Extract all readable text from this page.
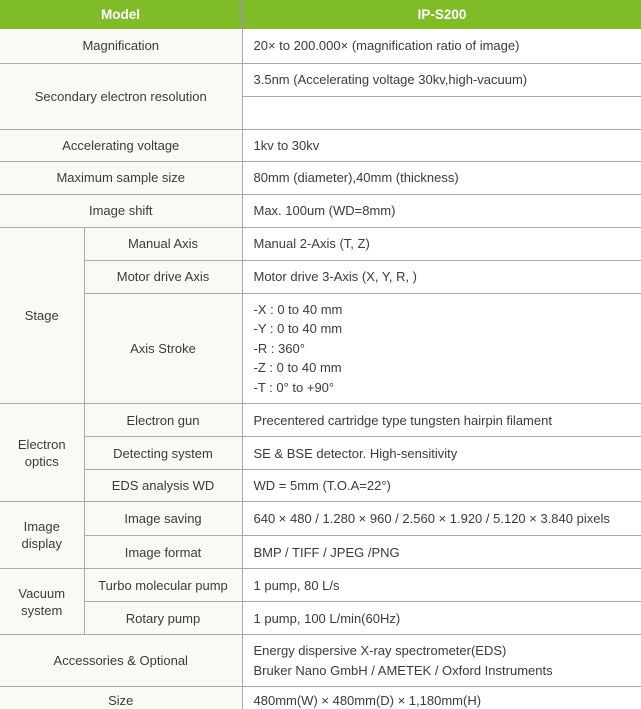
Model		IP-S200
Magnification		20× to 200.000× (magnification ratio of image)
Secondary electron resolution		3.5nm (Accelerating voltage 30kv,high-vacuum)

Accelerating voltage		1kv to 30kv
Maximum sample size		80mm (diameter),40mm (thickness)
Image shift		Max. 100um (WD=8mm)
Stage	Manual Axis	Manual 2-Axis (T, Z)
	Motor drive Axis	Motor drive 3-Axis (X, Y, R, )
	Axis Stroke	-X : 0 to 40 mm
-Y : 0 to 40 mm
-R : 360°
-Z : 0 to 40 mm
-T : 0° to +90°

Electron optics	Electron gun	Precentered cartridge type tungsten hairpin filament
	Detecting system	SE & BSE detector. High-sensitivity
	EDS analysis WD	WD = 5mm (T.O.A=22°)
Image display	Image saving	640 × 480 / 1.280 × 960 / 2.560 × 1.920 / 5.120 × 3.840 pixels
	Image format	BMP / TIFF / JPEG /PNG
Vacuum system	Turbo molecular pump	1 pump, 80 L/s
	Rotary pump	1 pump, 100 L/min(60Hz)
Accessories & Optional		Energy dispersive X-ray spectrometer(EDS)
Bruker Nano GmbH / AMETEK / Oxford Instruments

Size		480mm(W) × 480mm(D) × 1,180mm(H)
